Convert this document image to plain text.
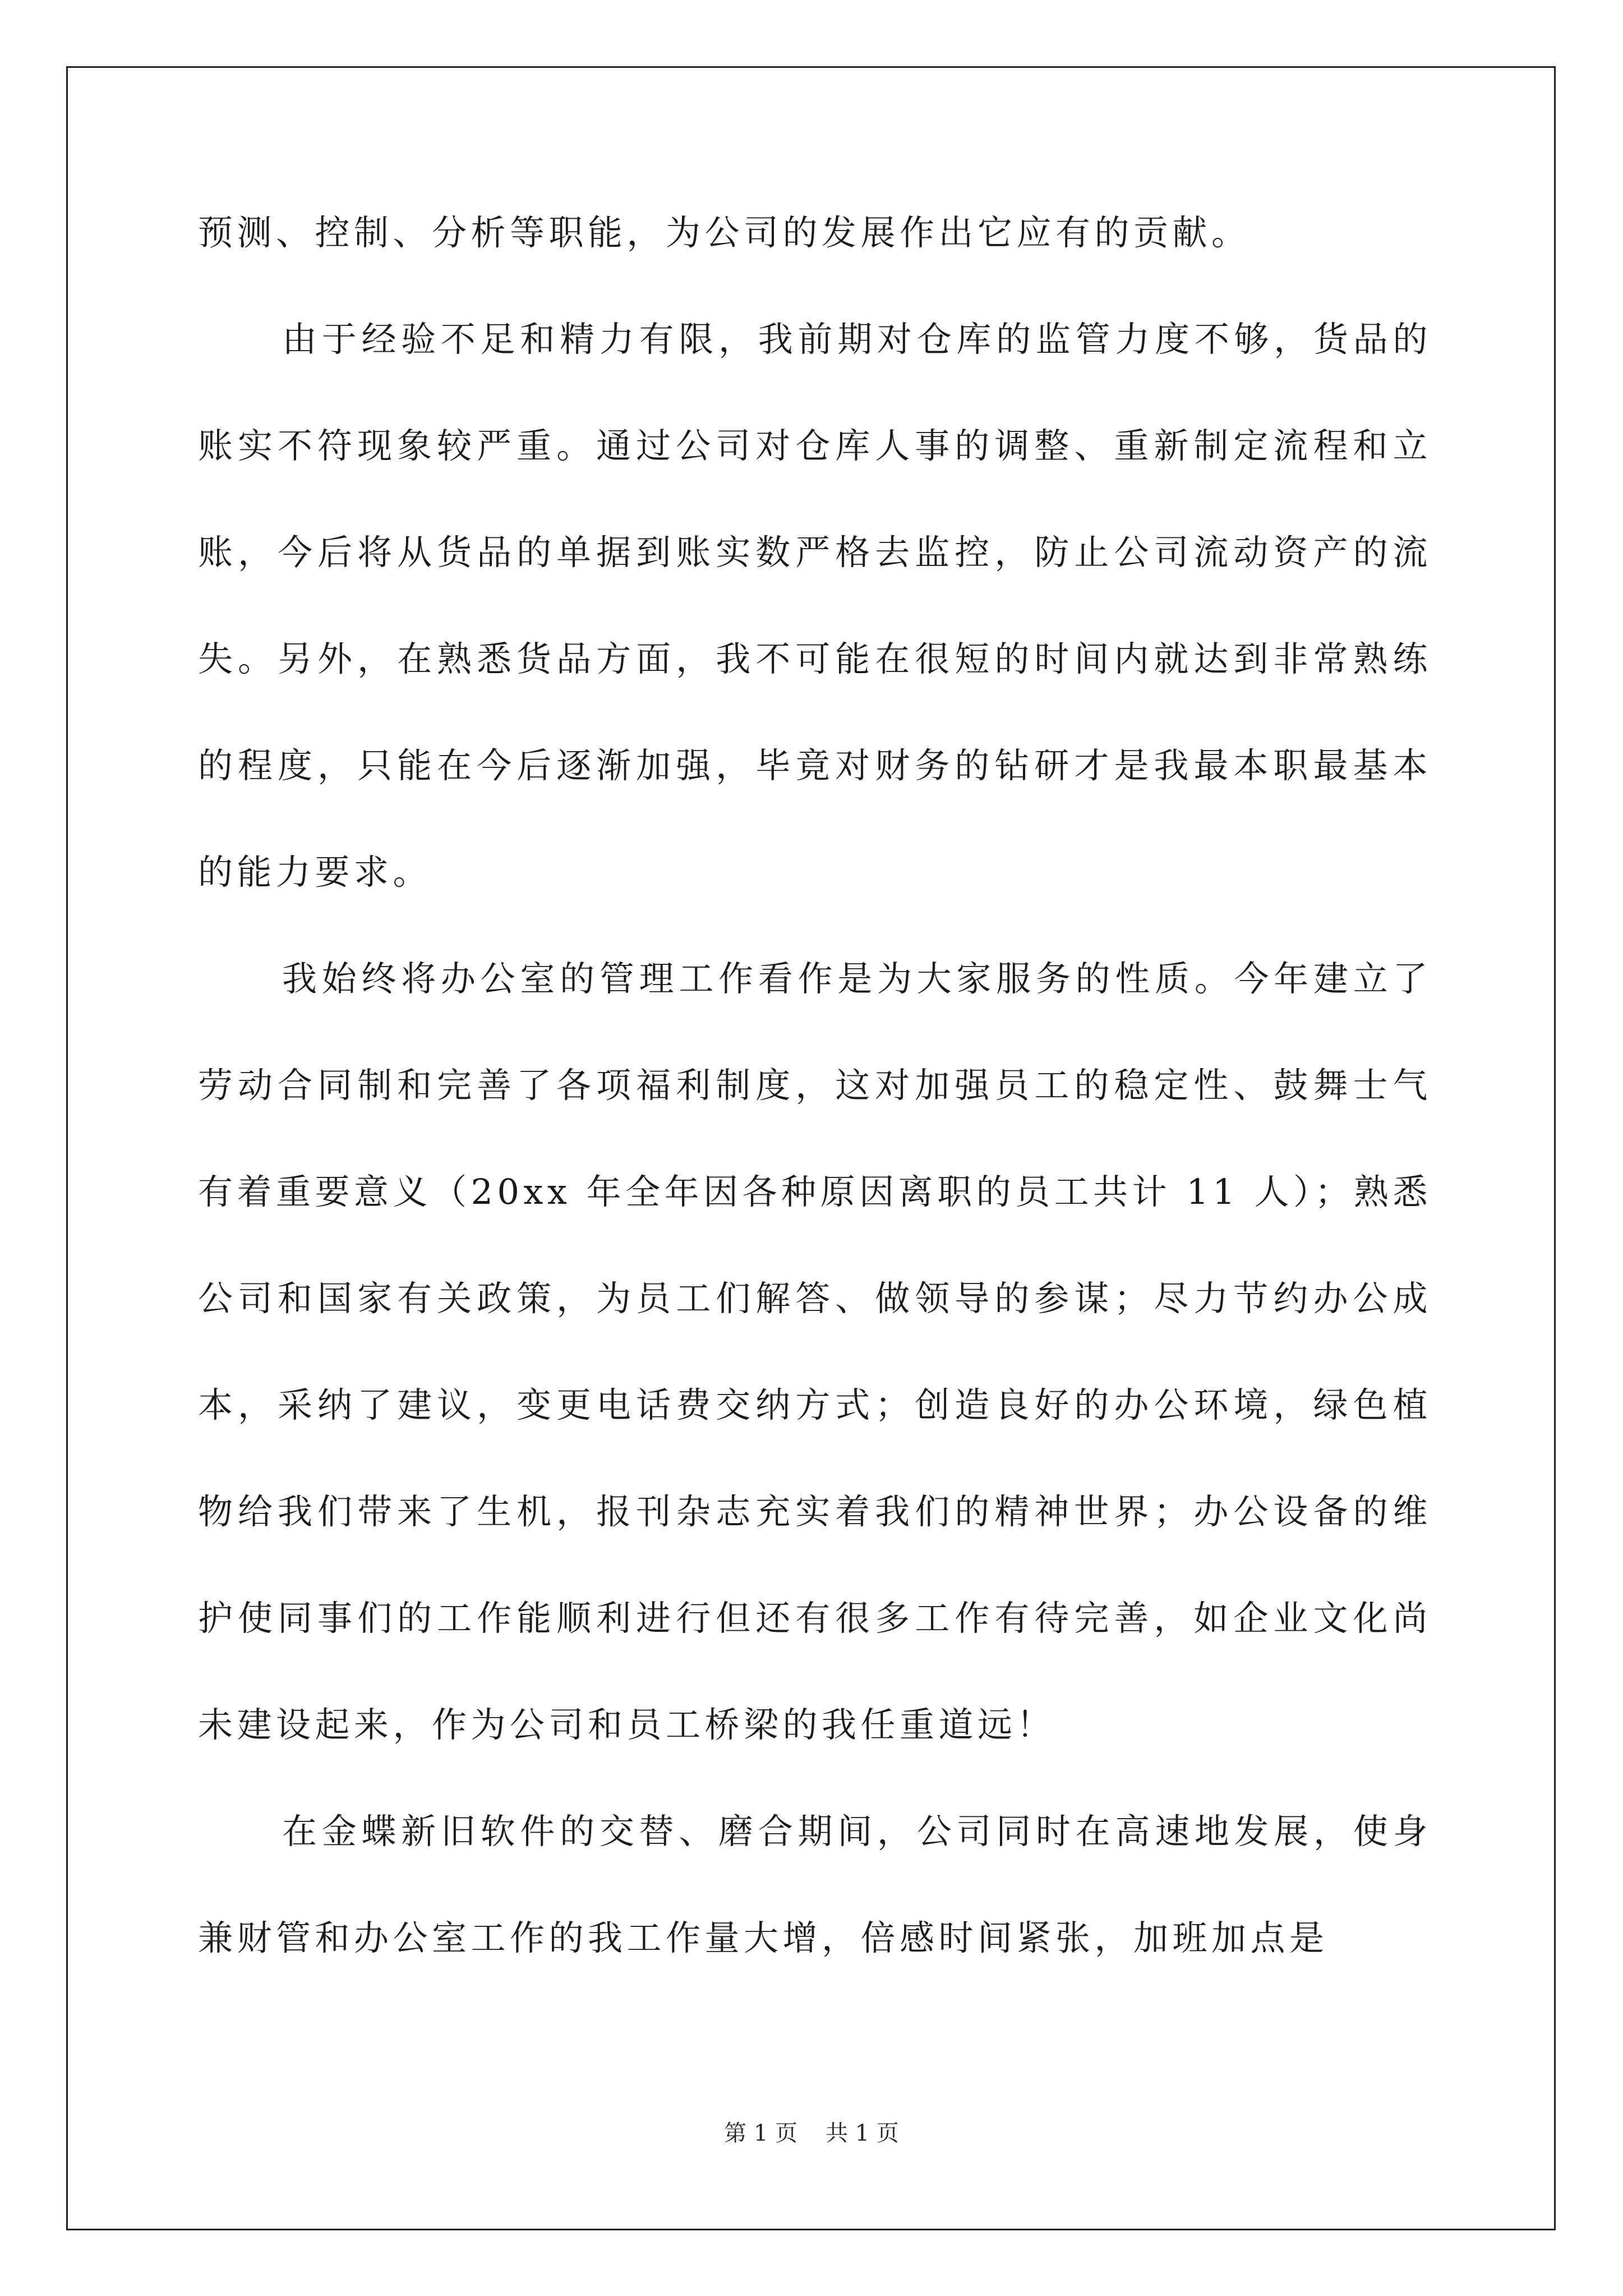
预测、控制、分析等职能，为公司的发展作出它应有的贡献。

由于经验不足和精力有限，我前期对仓库的监管力度不够，货品的账实不符现象较严重。通过公司对仓库人事的调整、重新制定流程和立账，今后将从货品的单据到账实数严格去监控，防止公司流动资产的流失。另外，在熟悉货品方面，我不可能在很短的时间内就达到非常熟练的程度，只能在今后逐渐加强，毕竟对财务的钻研才是我最本职最基本的能力要求。

我始终将办公室的管理工作看作是为大家服务的性质。今年建立了劳动合同制和完善了各项福利制度，这对加强员工的稳定性、鼓舞士气有着重要意义（20xx 年全年因各种原因离职的员工共计 11 人）；熟悉公司和国家有关政策，为员工们解答、做领导的参谋；尽力节约办公成本，采纳了建议，变更电话费交纳方式；创造良好的办公环境，绿色植物给我们带来了生机，报刊杂志充实着我们的精神世界；办公设备的维护使同事们的工作能顺利进行但还有很多工作有待完善，如企业文化尚未建设起来，作为公司和员工桥梁的我任重道远！

在金蝶新旧软件的交替、磨合期间，公司同时在高速地发展，使身兼财管和办公室工作的我工作量大增，倍感时间紧张，加班加点是

第 1 页 共 1 页
